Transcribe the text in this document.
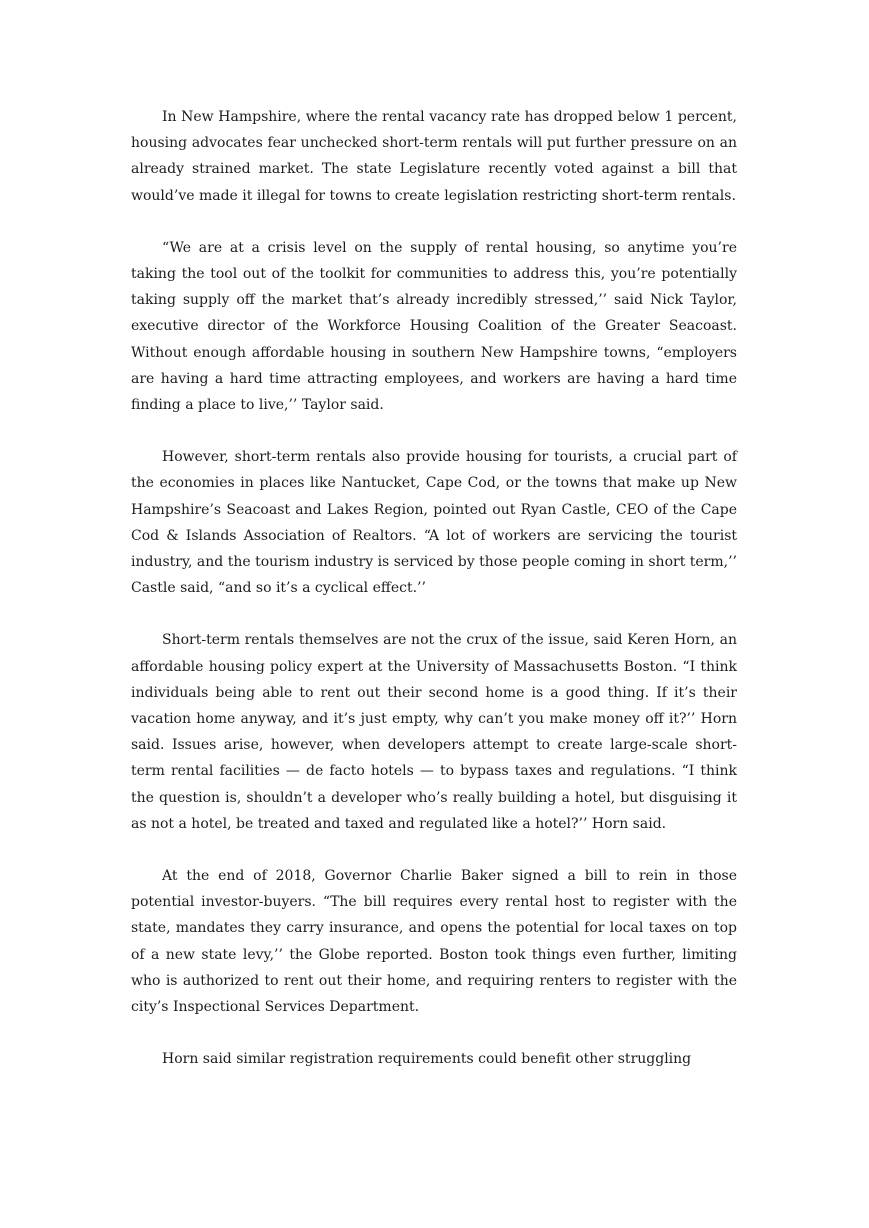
In New Hampshire, where the rental vacancy rate has dropped below 1 percent, housing advocates fear unchecked short-term rentals will put further pressure on an already strained market. The state Legislature recently voted against a bill that would’ve made it illegal for towns to create legislation restricting short-term rentals.

“We are at a crisis level on the supply of rental housing, so anytime you’re taking the tool out of the toolkit for communities to address this, you’re potentially taking supply off the market that’s already incredibly stressed,’’ said Nick Taylor, executive director of the Workforce Housing Coalition of the Greater Seacoast. Without enough affordable housing in southern New Hampshire towns, “employers are having a hard time attracting employees, and workers are having a hard time finding a place to live,’’ Taylor said.

However, short-term rentals also provide housing for tourists, a crucial part of the economies in places like Nantucket, Cape Cod, or the towns that make up New Hampshire’s Seacoast and Lakes Region, pointed out Ryan Castle, CEO of the Cape Cod & Islands Association of Realtors. “A lot of workers are servicing the tourist industry, and the tourism industry is serviced by those people coming in short term,’’ Castle said, “and so it’s a cyclical effect.’’

Short-term rentals themselves are not the crux of the issue, said Keren Horn, an affordable housing policy expert at the University of Massachusetts Boston. “I think individuals being able to rent out their second home is a good thing. If it’s their vacation home anyway, and it’s just empty, why can’t you make money off it?’’ Horn said. Issues arise, however, when developers attempt to create large-scale short-term rental facilities — de facto hotels — to bypass taxes and regulations. “I think the question is, shouldn’t a developer who’s really building a hotel, but disguising it as not a hotel, be treated and taxed and regulated like a hotel?’’ Horn said.

At the end of 2018, Governor Charlie Baker signed a bill to rein in those potential investor-buyers. “The bill requires every rental host to register with the state, mandates they carry insurance, and opens the potential for local taxes on top of a new state levy,’’ the Globe reported. Boston took things even further, limiting who is authorized to rent out their home, and requiring renters to register with the city’s Inspectional Services Department.

Horn said similar registration requirements could benefit other struggling
